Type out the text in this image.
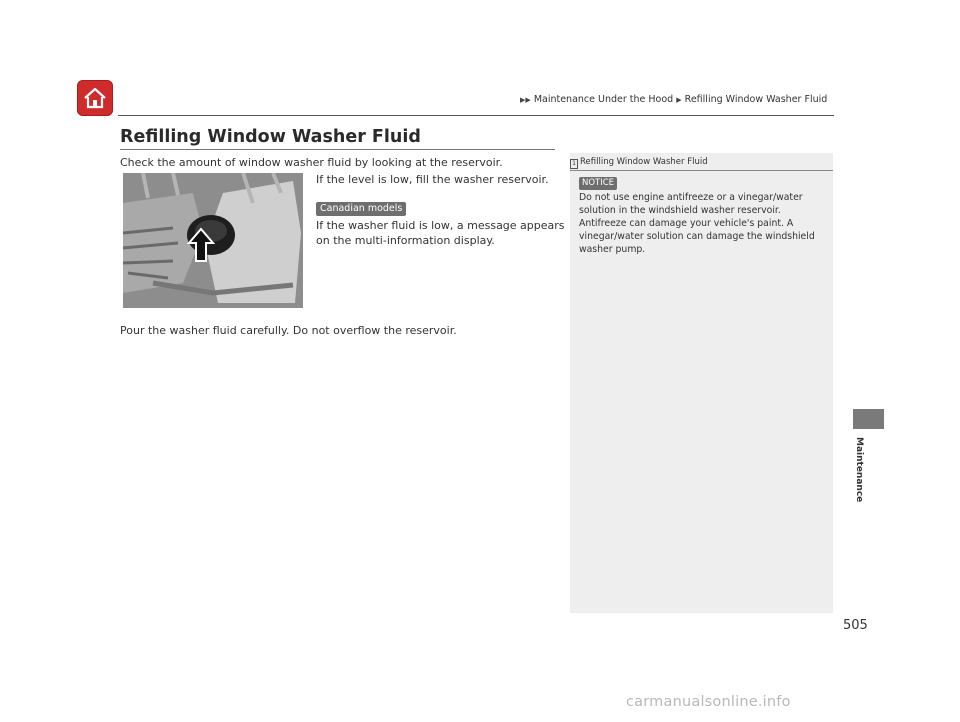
▶▶ Maintenance Under the Hood ▶ Refilling Window Washer Fluid
Refilling Window Washer Fluid
Check the amount of window washer fluid by looking at the reservoir.
If the level is low, fill the washer reservoir.
Canadian models
If the washer fluid is low, a message appears
on the multi-information display.
Pour the washer fluid carefully. Do not overflow the reservoir.
1 Refilling Window Washer Fluid
NOTICE
Do not use engine antifreeze or a vinegar/water
solution in the windshield washer reservoir.
Antifreeze can damage your vehicle's paint. A
vinegar/water solution can damage the windshield
washer pump.
Maintenance
505
carmanualsonline.info
